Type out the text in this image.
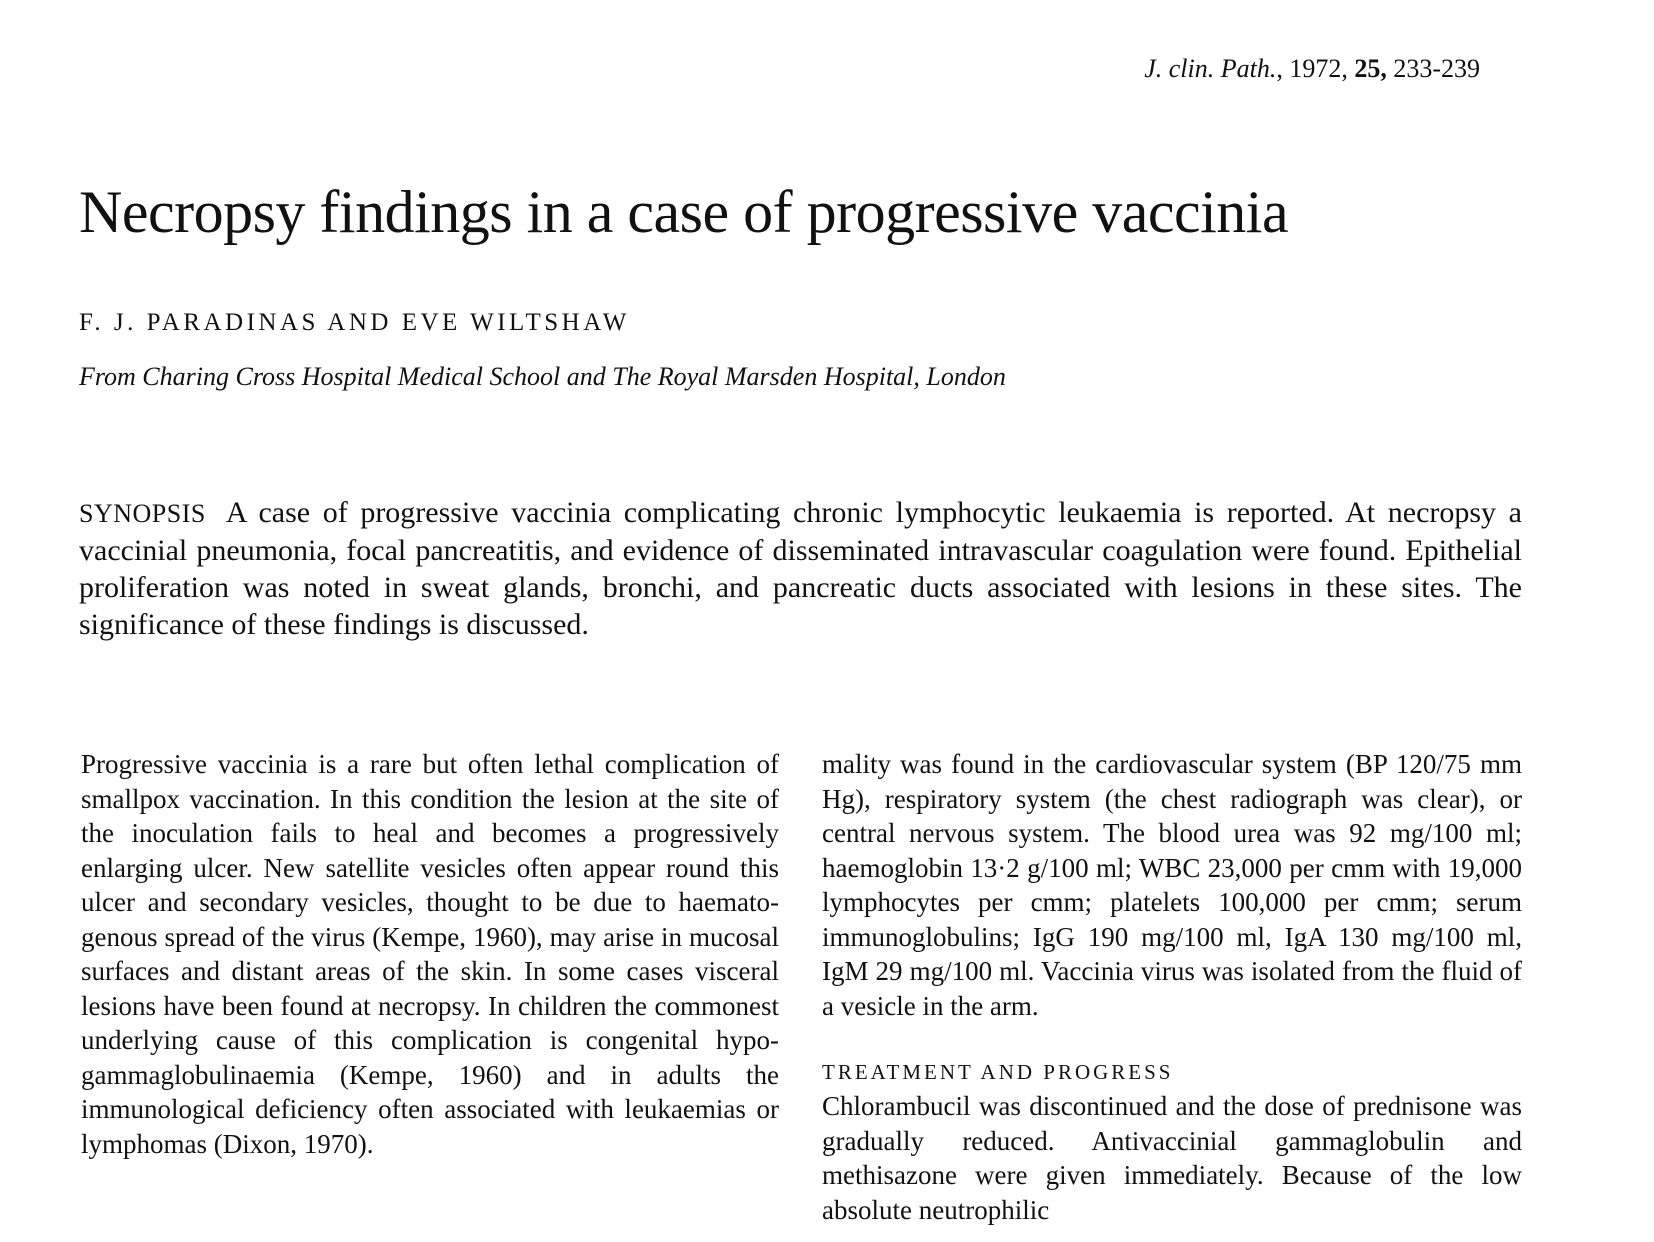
J. clin. Path., 1972, 25, 233-239
Necropsy findings in a case of progressive vaccinia
F. J. PARADINAS AND EVE WILTSHAW
From Charing Cross Hospital Medical School and The Royal Marsden Hospital, London
SYNOPSIS A case of progressive vaccinia complicating chronic lymphocytic leukaemia is reported. At necropsy a vaccinial pneumonia, focal pancreatitis, and evidence of disseminated intravascular coagulation were found. Epithelial proliferation was noted in sweat glands, bronchi, and pancreatic ducts associated with lesions in these sites. The significance of these findings is discussed.

Progressive vaccinia is a rare but often lethal complication of smallpox vaccination. In this condition the lesion at the site of the inoculation fails to heal and becomes a progressively enlarging ulcer. New satellite vesicles often appear round this ulcer and secondary vesicles, thought to be due to haematogenous spread of the virus (Kempe, 1960), may arise in mucosal surfaces and distant areas of the skin. In some cases visceral lesions have been found at necropsy. In children the commonest underlying cause of this complication is congenital hypogammaglobulinaemia (Kempe, 1960) and in adults the immunological deficiency often associated with leukaemias or lymphomas (Dixon, 1970).

mality was found in the cardiovascular system (BP 120/75 mm Hg), respiratory system (the chest radiograph was clear), or central nervous system. The blood urea was 92 mg/100 ml; haemoglobin 13·2 g/100 ml; WBC 23,000 per cmm with 19,000 lymphocytes per cmm; platelets 100,000 per cmm; serum immunoglobulins; IgG 190 mg/100 ml, IgA 130 mg/100 ml, IgM 29 mg/100 ml. Vaccinia virus was isolated from the fluid of a vesicle in the arm.

TREATMENT AND PROGRESS

Chlorambucil was discontinued and the dose of prednisone was gradually reduced. Antivaccinial gammaglobulin and methisazone were given immediately. Because of the low absolute neutrophilic
